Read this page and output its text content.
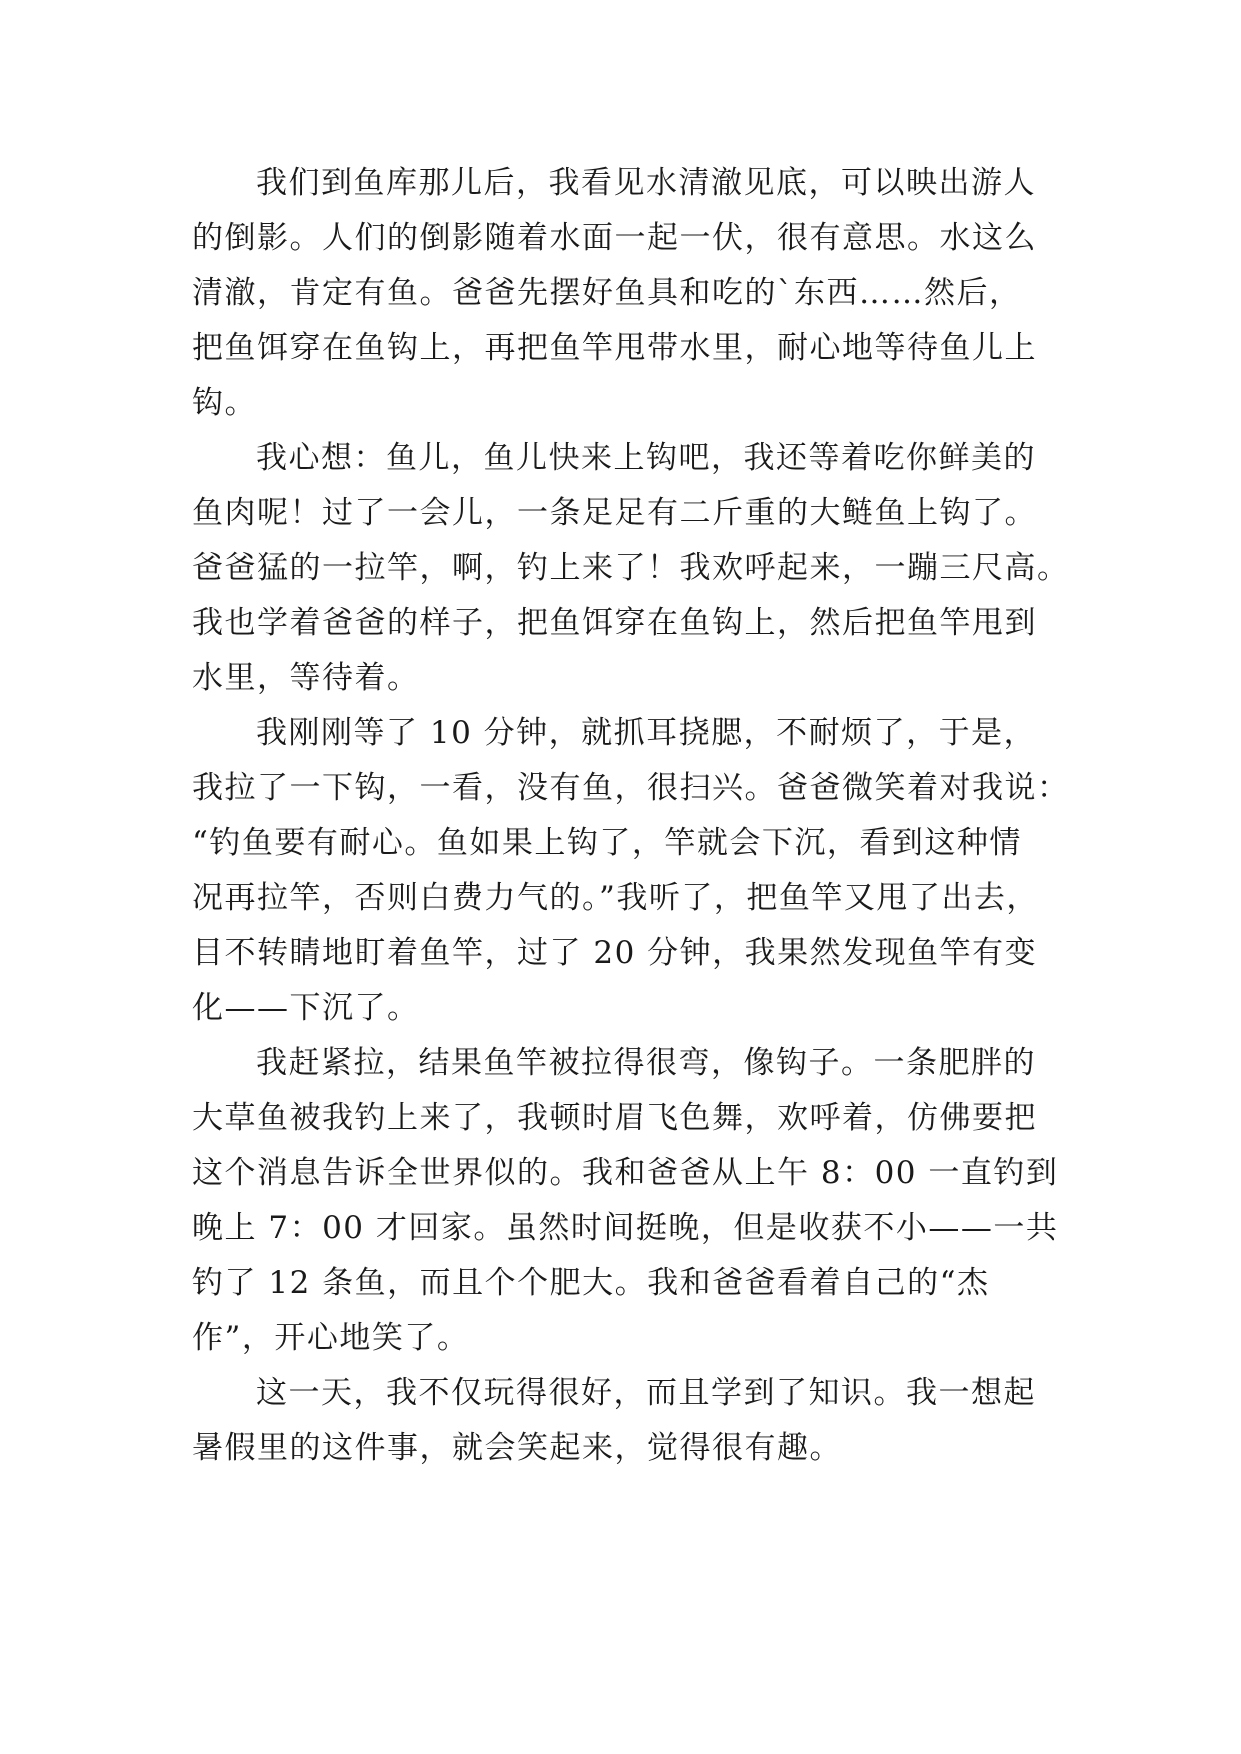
我们到鱼库那儿后，我看见水清澈见底，可以映出游人
的倒影。人们的倒影随着水面一起一伏，很有意思。水这么
清澈，肯定有鱼。爸爸先摆好鱼具和吃的`东西……然后，
把鱼饵穿在鱼钩上，再把鱼竿甩带水里，耐心地等待鱼儿上
钩。
我心想：鱼儿，鱼儿快来上钩吧，我还等着吃你鲜美的
鱼肉呢！过了一会儿，一条足足有二斤重的大鲢鱼上钩了。
爸爸猛的一拉竿，啊，钓上来了！我欢呼起来，一蹦三尺高。
我也学着爸爸的样子，把鱼饵穿在鱼钩上，然后把鱼竿甩到
水里，等待着。
我刚刚等了 10 分钟，就抓耳挠腮，不耐烦了，于是，
我拉了一下钩，一看，没有鱼，很扫兴。爸爸微笑着对我说：
“钓鱼要有耐心。鱼如果上钩了，竿就会下沉，看到这种情
况再拉竿，否则白费力气的。”我听了，把鱼竿又甩了出去，
目不转睛地盯着鱼竿，过了 20 分钟，我果然发现鱼竿有变
化——下沉了。
我赶紧拉，结果鱼竿被拉得很弯，像钩子。一条肥胖的
大草鱼被我钓上来了，我顿时眉飞色舞，欢呼着，仿佛要把
这个消息告诉全世界似的。我和爸爸从上午 8：00 一直钓到
晚上 7：00 才回家。虽然时间挺晚，但是收获不小——一共
钓了 12 条鱼，而且个个肥大。我和爸爸看着自己的“杰
作”，开心地笑了。
这一天，我不仅玩得很好，而且学到了知识。我一想起
暑假里的这件事，就会笑起来，觉得很有趣。
